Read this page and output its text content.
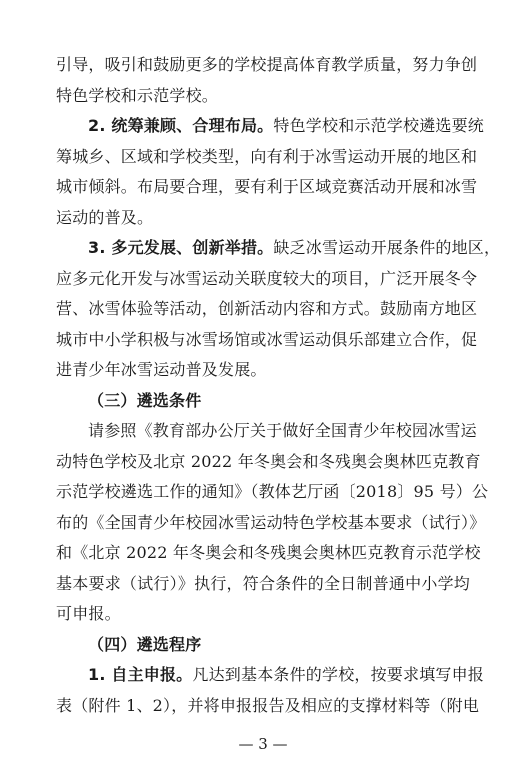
引导，吸引和鼓励更多的学校提高体育教学质量，努力争创
特色学校和示范学校。
2. 统筹兼顾、合理布局。特色学校和示范学校遴选要统
筹城乡、区域和学校类型，向有利于冰雪运动开展的地区和
城市倾斜。布局要合理，要有利于区域竞赛活动开展和冰雪
运动的普及。
3. 多元发展、创新举措。缺乏冰雪运动开展条件的地区，
应多元化开发与冰雪运动关联度较大的项目，广泛开展冬令
营、冰雪体验等活动，创新活动内容和方式。鼓励南方地区
城市中小学积极与冰雪场馆或冰雪运动俱乐部建立合作，促
进青少年冰雪运动普及发展。
（三）遴选条件
请参照《教育部办公厅关于做好全国青少年校园冰雪运
动特色学校及北京 2022 年冬奥会和冬残奥会奥林匹克教育
示范学校遴选工作的通知》（教体艺厅函〔2018〕95 号）公
布的《全国青少年校园冰雪运动特色学校基本要求（试行）》
和《北京 2022 年冬奥会和冬残奥会奥林匹克教育示范学校
基本要求（试行）》执行，符合条件的全日制普通中小学均
可申报。
（四）遴选程序
1. 自主申报。凡达到基本条件的学校，按要求填写申报
表（附件 1、2），并将申报报告及相应的支撑材料等（附电
— 3 —
